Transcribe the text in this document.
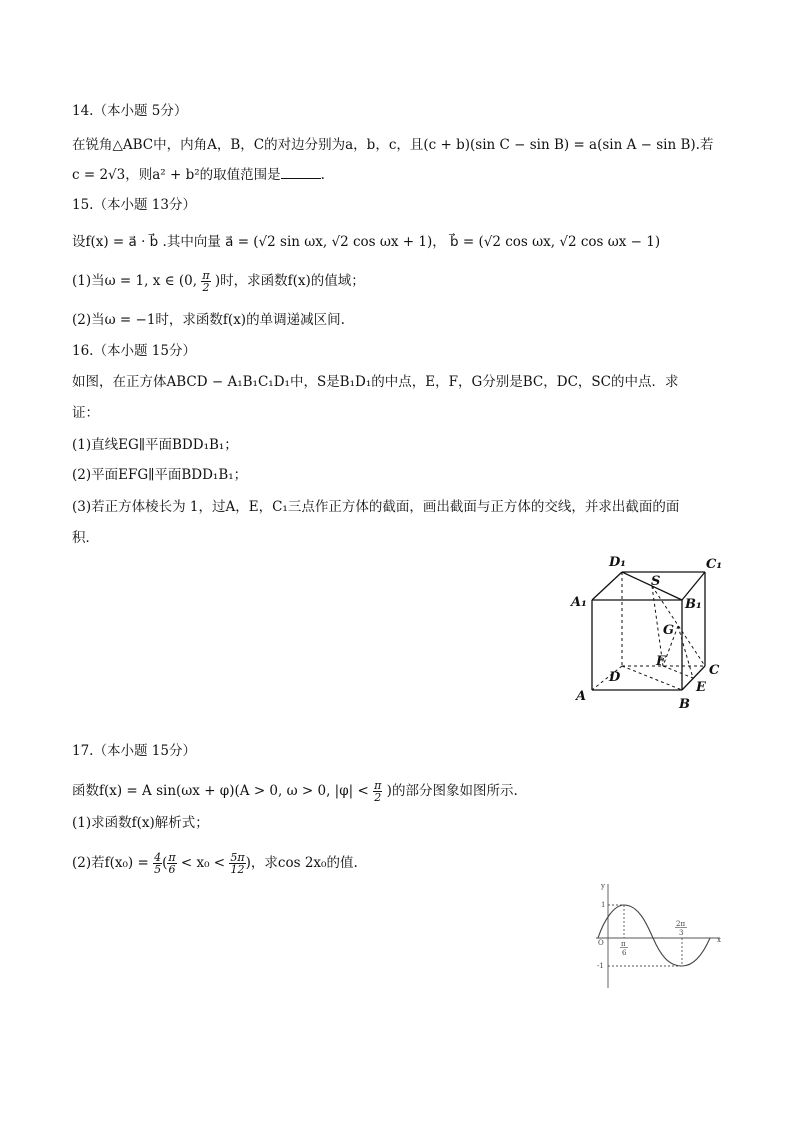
14.（本小题 5分）
在锐角△ABC中，内角A，B，C的对边分别为a，b，c，且(c + b)(sin C − sin B) = a(sin A − sin B).若
c = 2√3，则a² + b²的取值范围是	.
15.（本小题 13分）
设f(x) = a⃗ · b⃗ .其中向量 a⃗ = (√2 sin ωx, √2 cos ωx + 1)， b⃗ = (√2 cos ωx, √2 cos ωx − 1)
(1)当ω = 1, x ∈ (0, $\frac{\pi}{2}$ )时，求函数f(x)的值域；
(2)当ω = −1时，求函数f(x)的单调递减区间.
16.（本小题 15分）
如图，在正方体ABCD − A₁B₁C₁D₁中，S是B₁D₁的中点，E，F，G分别是BC，DC，SC的中点．求
证：
(1)直线EG∥平面BDD₁B₁；
(2)平面EFG∥平面BDD₁B₁；
(3)若正方体棱长为 1，过A，E，C₁三点作正方体的截面，画出截面与正方体的交线，并求出截面的面
积．
D₁	C₁
A₁	B₁
S
G
F
C
D
E
A
B
17.（本小题 15分）
函数f(x) = A sin(ωx + φ)(A > 0, ω > 0, $|\varphi| < \frac{\pi}{2}$ )的部分图象如图所示.
(1)求函数f(x)解析式；
(2)若$f(x_0) = \frac{4}{5}$ ( $\frac{\pi}{6} < x_0 < \frac{5\pi}{12}$ )，求cos 2x₀的值.
y
x
O
1
-1
π
6
2π
3
